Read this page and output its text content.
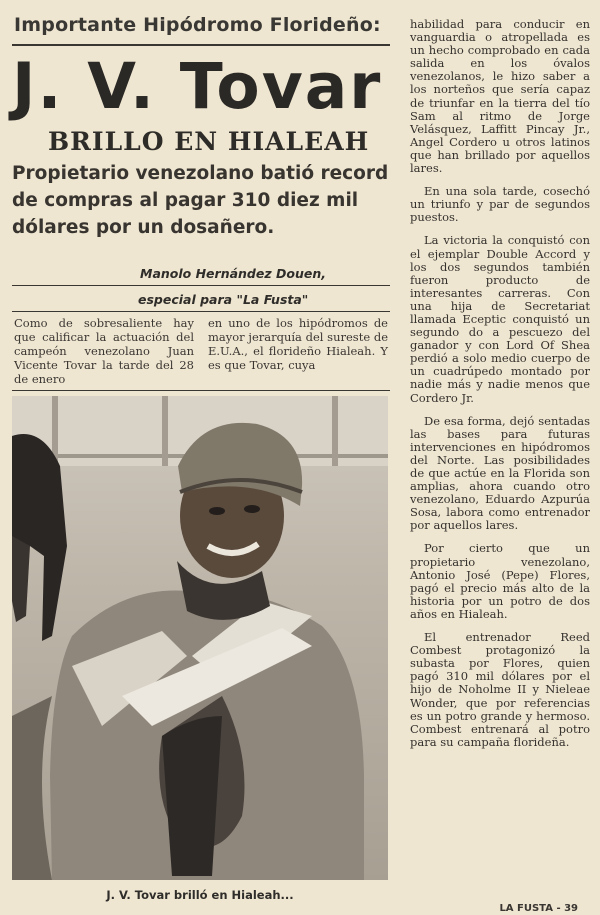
Importante Hipódromo Florideño:
J. V. Tovar
BRILLO EN HIALEAH
Propietario venezolano batió record de compras al pagar 310 diez mil dólares por un dosañero.
Manolo Hernández Douen,
especial para "La Fusta"
Como de sobresaliente hay que calificar la actuación del campeón venezolano Juan Vicente Tovar la tarde del 28 de enero
en uno de los hipódromos de mayor jerarquía del sureste de E.U.A., el florideño Hialeah. Y es que Tovar, cuya
J. V. Tovar brilló en Hialeah...

habilidad para conducir en vanguardia o atropellada es un hecho comprobado en cada salida en los óvalos venezolanos, le hizo saber a los norteños que sería capaz de triunfar en la tierra del tío Sam al ritmo de Jorge Velásquez, Laffitt Pincay Jr., Angel Cordero u otros latinos que han brillado por aquellos lares.

En una sola tarde, cosechó un triunfo y par de segundos puestos.

La victoria la conquistó con el ejemplar Double Accord y los dos segundos también fueron producto de interesantes carreras. Con una hija de Secretariat llamada Eceptic conquistó un segundo do a pescuezo del ganador y con Lord Of Shea perdió a solo medio cuerpo de un cuadrúpedo montado por nadie más y nadie menos que Cordero Jr.

De esa forma, dejó sentadas las bases para futuras intervenciones en hipódromos del Norte. Las posibilidades de que actúe en la Florida son amplias, ahora cuando otro venezolano, Eduardo Azpurúa Sosa, labora como entrenador por aquellos lares.

Por cierto que un propietario venezolano, Antonio José (Pepe) Flores, pagó el precio más alto de la historia por un potro de dos años en Hialeah.

El entrenador Reed Combest protagonizó la subasta por Flores, quien pagó 310 mil dólares por el hijo de Noholme II y Nieleae Wonder, que por referencias es un potro grande y hermoso. Combest entrenará al potro para su campaña florideña.

LA FUSTA - 39
